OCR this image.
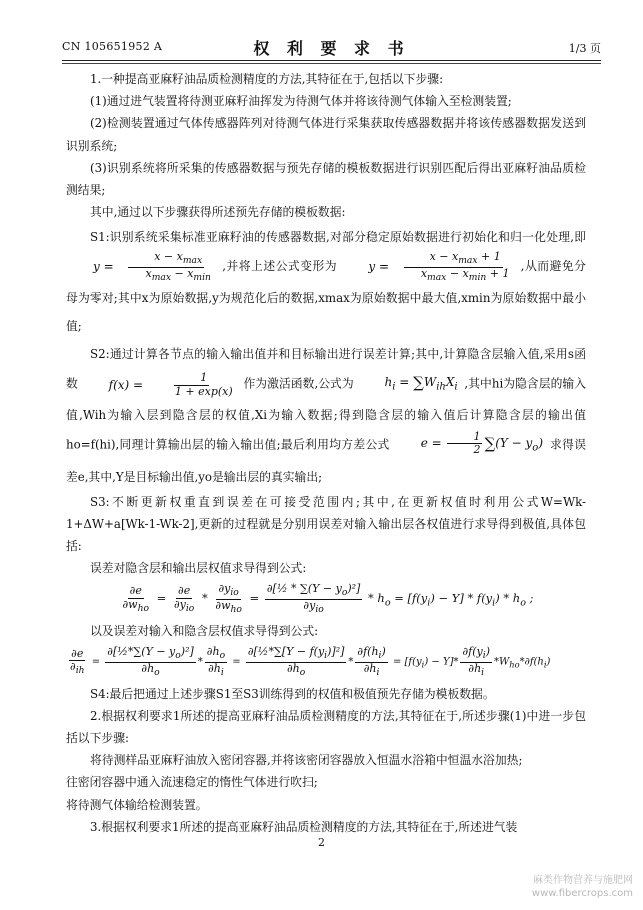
CN 105651952 A	权 利 要 求 书	1/3 页

1.一种提高亚麻籽油品质检测精度的方法,其特征在于,包括以下步骤:

(1)通过进气装置将待测亚麻籽油挥发为待测气体并将该待测气体输入至检测装置;

(2)检测装置通过气体传感器阵列对待测气体进行采集获取传感器数据并将该传感器数据发送到识别系统;

(3)识别系统将所采集的传感器数据与预先存储的模板数据进行识别匹配后得出亚麻籽油品质检测结果;

其中,通过以下步骤获得所述预先存储的模板数据:

S1:识别系统采集标准亚麻籽油的传感器数据,对部分稳定原始数据进行初始化和归一化处理,即 $y = \frac{x - x_{max}}{x_{max} - x_{min}}$ ,并将上述公式变形为	$y = \frac{x - x_{max} + 1}{x_{max} - x_{min} + 1}$ ,从而避免分母为零对;其中x为原始数据,y为规范化后的数据,xmax为原始数据中最大值,xmin为原始数据中最小值;

S2:通过计算各节点的输入输出值并和目标输出进行误差计算;其中,计算隐含层输入值,采用s函数	$f(x) = \frac{1}{1 + \exp(x)}$ 作为激活函数,公式为	$h_i = \sum W_{ih}X_i$ ,其中hi为隐含层的输入值,Wih为输入层到隐含层的权值,Xi为输入数据;得到隐含层的输入值后计算隐含层的输出值ho=f(hi),同理计算输出层的输入输出值;最后利用均方差公式	$e = \frac{1}{2} \sum(Y - y_o)$ 求得误差e,其中,Y是目标输出值,yo是输出层的真实输出;

S3:不断更新权重直到误差在可接受范围内;其中,在更新权值时利用公式W=Wk-1+ΔW+a[Wk-1-Wk-2],更新的过程就是分别用误差对输入输出层各权值进行求导得到极值,具体包括:

误差对隐含层和输出层权值求导得到公式:

$\frac{\partial e}{\partial w_{ho}} = \frac{\partial e}{\partial y_{io}} * \frac{\partial y_{io}}{\partial w_{ho}} = \frac{\partial[\frac{1}{2} * \sum(Y - y_o)^2]}{\partial y_{io}} * h_o = [f(y_i) - Y] * f(y_i) * h_o$ ;

以及误差对输入和隐含层权值求导得到公式:

$\frac{\partial e}{\partial_{ih}} = \frac{\partial[\frac{1}{2}*\sum(Y - y_o)^2]}{\partial h_o} * \frac{\partial h_o}{\partial h_i} = \frac{\partial[\frac{1}{2}*\sum[Y - f(y_i)]^2]}{\partial h_o} * \frac{\partial f(h_i)}{\partial h_i} = [f(y_i) - Y]* \frac{\partial f(y_i)}{\partial h_i} *W_{ho}*\partial f(h_i)$

S4:最后把通过上述步骤S1至S3训练得到的权值和极值预先存储为模板数据。

2.根据权利要求1所述的提高亚麻籽油品质检测精度的方法,其特征在于,所述步骤(1)中进一步包括以下步骤:

将待测样品亚麻籽油放入密闭容器,并将该密闭容器放入恒温水浴箱中恒温水浴加热;

往密闭容器中通入流速稳定的惰性气体进行吹扫;

将待测气体输给检测装置。

3.根据权利要求1所述的提高亚麻籽油品质检测精度的方法,其特征在于,所述进气装

2
麻类作物营养与施肥网
www.fibercrops.com
